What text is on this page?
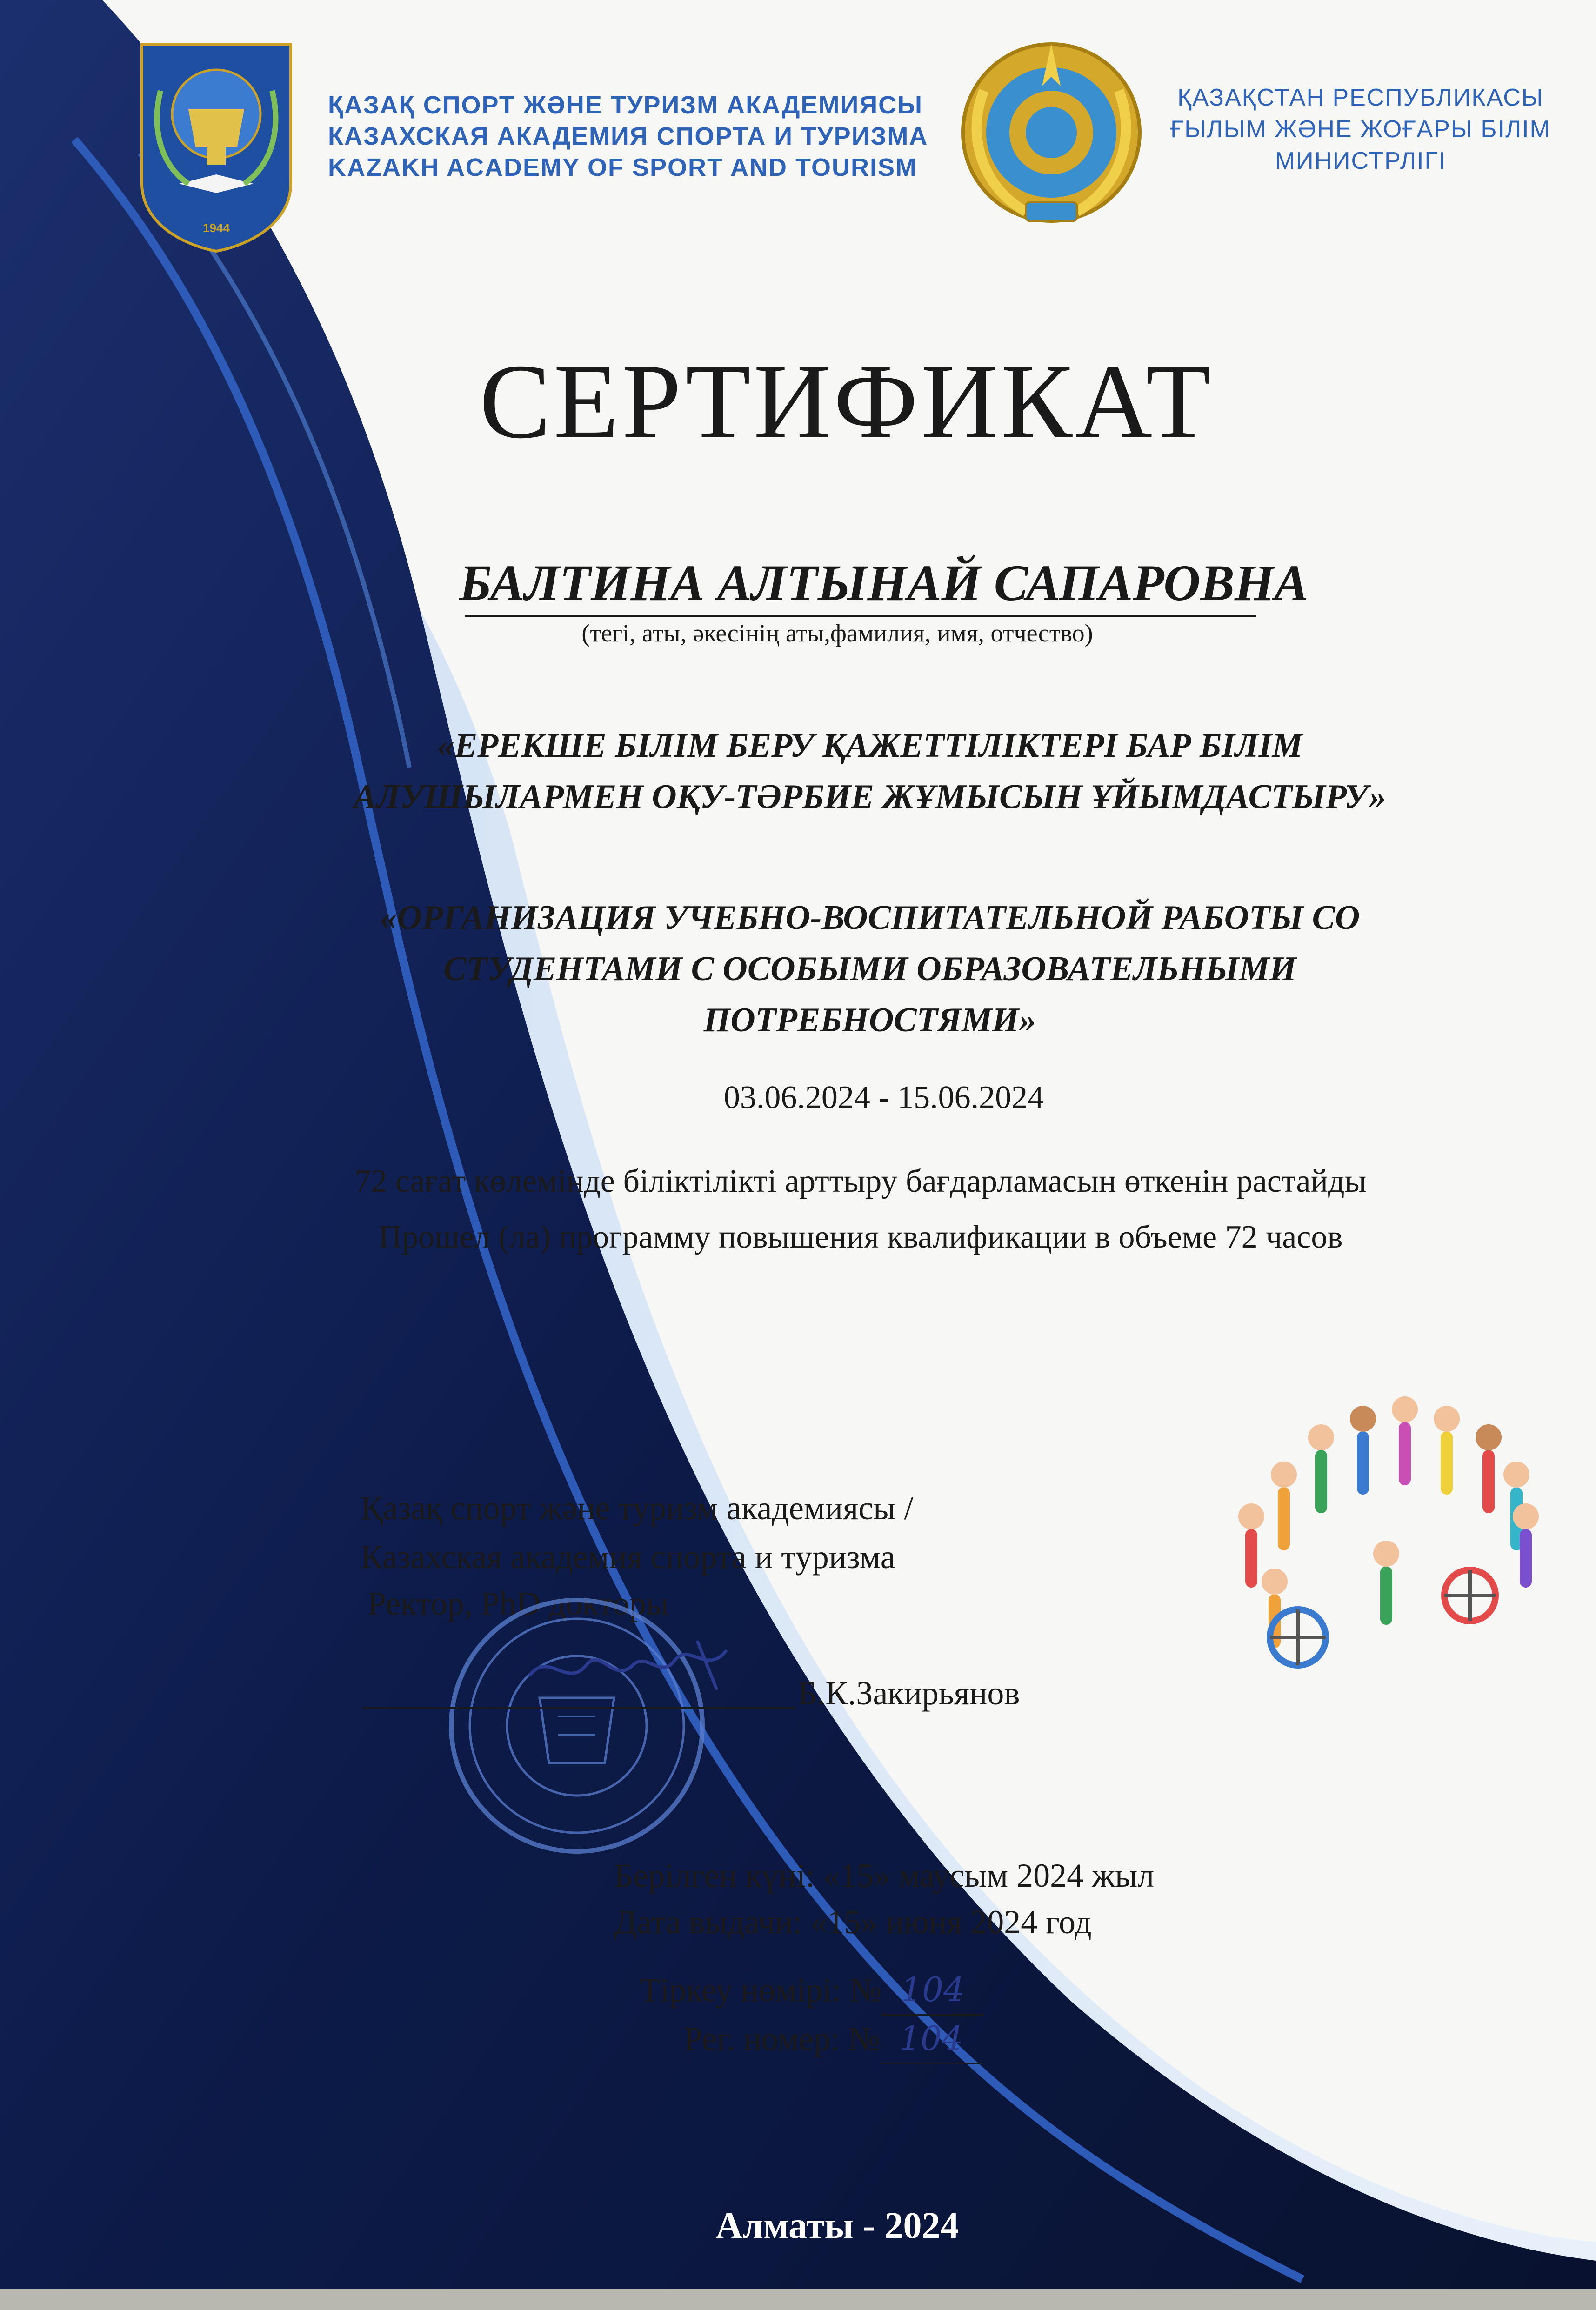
1944
ҚАЗАҚ СПОРТ ЖӘНЕ ТУРИЗМ АКАДЕМИЯСЫ
КАЗАХСКАЯ АКАДЕМИЯ СПОРТА И ТУРИЗМА
KAZAKH ACADEMY OF SPORT AND TOURISM
ҚАЗАҚСТАН РЕСПУБЛИКАСЫ
ҒЫЛЫМ ЖӘНЕ ЖОҒАРЫ БІЛІМ
МИНИСТРЛІГІ
СЕРТИФИКАТ
БАЛТИНА АЛТЫНАЙ САПАРОВНА
(тегі, аты, әкесінің аты,фамилия, имя, отчество)
«ЕРЕКШЕ БІЛІМ БЕРУ ҚАЖЕТТІЛІКТЕРІ БАР БІЛІМ
АЛУШЫЛАРМЕН ОҚУ-ТӘРБИЕ ЖҰМЫСЫН ҰЙЫМДАСТЫРУ»
«ОРГАНИЗАЦИЯ УЧЕБНО-ВОСПИТАТЕЛЬНОЙ РАБОТЫ СО
СТУДЕНТАМИ С ОСОБЫМИ ОБРАЗОВАТЕЛЬНЫМИ
ПОТРЕБНОСТЯМИ»
03.06.2024 - 15.06.2024
72 сағат көлемінде біліктілікті арттыру бағдарламасын өткенін растайды
Прошел (ла) программу повышения квалификации в объеме 72 часов
Қазақ спорт және туризм академиясы /
Казахская академия спорта и туризма
Ректор, PhD докторы
Б.К.Закирьянов
Берілген күні: «15» маусым 2024 жыл
Дата выдачи: «15» июня 2024 год
Тіркеу нөмірі: № 104
Рег. номер: № 104
Алматы - 2024
